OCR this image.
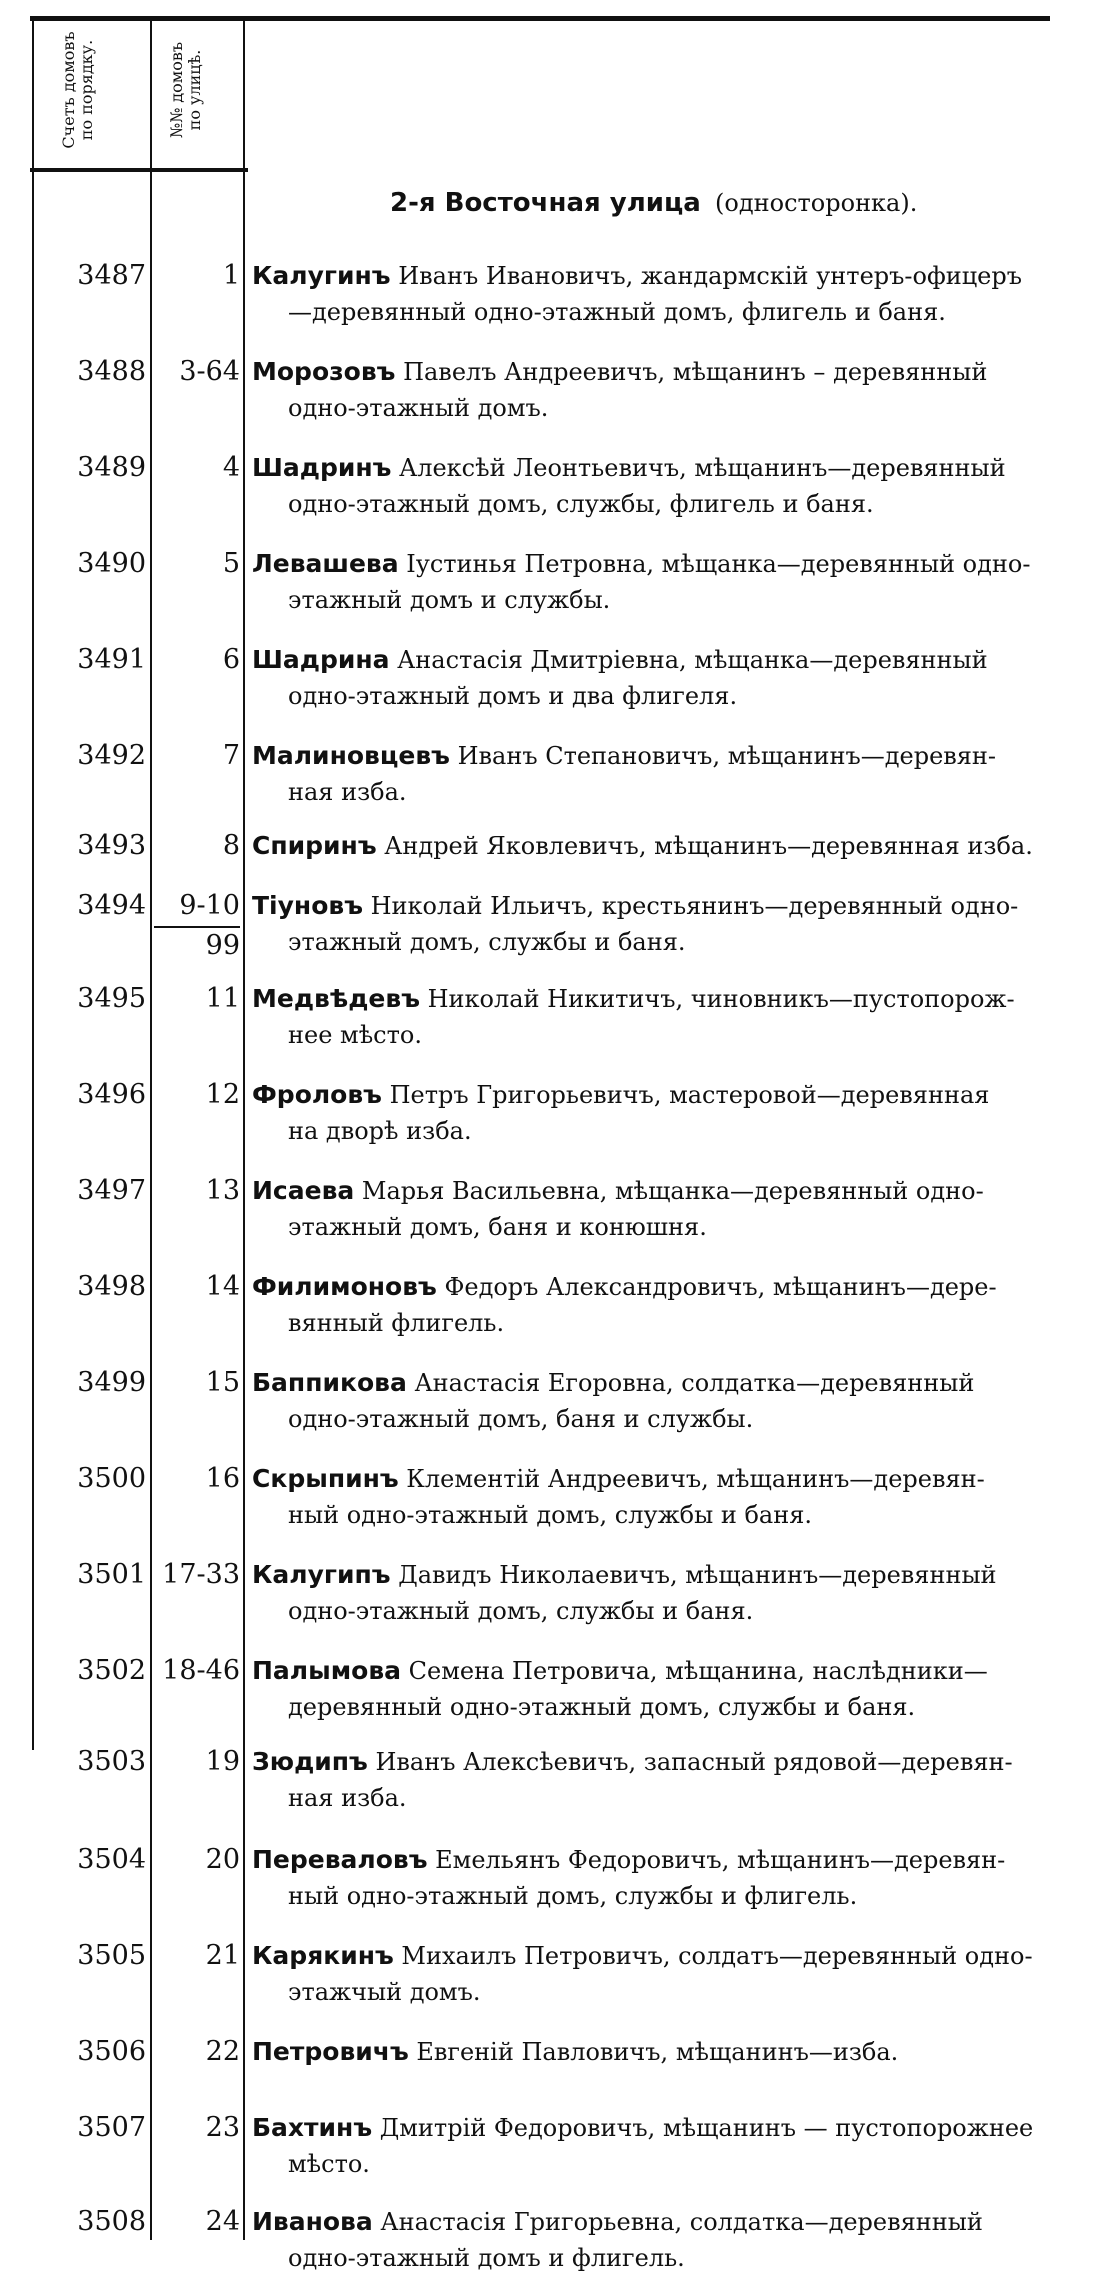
Счетъ домовъ по порядку.	№№ домовъ по улицѣ.
2-я Восточная улица (односторонка).
3487	1 Калугинъ Иванъ Ивановичъ, жандармскій унтеръ-офицеръ
—деревянный одно-этажный домъ, флигель и баня.
3488	3-64 Морозовъ Павелъ Андреевичъ, мѣщанинъ – деревянный
одно-этажный домъ.
3489	4 Шадринъ Алексѣй Леонтьевичъ, мѣщанинъ—деревянный
одно-этажный домъ, службы, флигель и баня.
3490	5 Левашева Іустинья Петровна, мѣщанка—деревянный одно-
этажный домъ и службы.
3491	6 Шадрина Анастасія Дмитріевна, мѣщанка—деревянный
одно-этажный домъ и два флигеля.
3492	7 Малиновцевъ Иванъ Степановичъ, мѣщанинъ—деревян-
ная изба.
3493	8 Спиринъ Андрей Яковлевичъ, мѣщанинъ—деревянная изба.
$3494 \frac{9-10}{99}$ Тіуновъ Николай Ильичъ, крестьянинъ—деревянный одно-
этажный домъ, службы и баня.
3495	11 Медвѣдевъ Николай Никитичъ, чиновникъ—пустопорож-
нее мѣсто.
3496	12 Фроловъ Петръ Григорьевичъ, мастеровой—деревянная
на дворѣ изба.
3497	13 Исаева Марья Васильевна, мѣщанка—деревянный одно-
этажный домъ, баня и конюшня.
3498	14 Филимоновъ Федоръ Александровичъ, мѣщанинъ—дере-
вянный флигель.
3499	15 Баппикова Анастасія Егоровна, солдатка—деревянный
одно-этажный домъ, баня и службы.
3500	16 Скрыпинъ Клементій Андреевичъ, мѣщанинъ—деревян-
ный одно-этажный домъ, службы и баня.
3501 17-33 Калугипъ Давидъ Николаевичъ, мѣщанинъ—деревянный
одно-этажный домъ, службы и баня.
3502 18-46 Палымова Семена Петровича, мѣщанина, наслѣдники—
деревянный одно-этажный домъ, службы и баня.
3503	19 Зюдипъ Иванъ Алексѣевичъ, запасный рядовой—деревян-
ная изба.
3504	20 Переваловъ Емельянъ Федоровичъ, мѣщанинъ—деревян-
ный одно-этажный домъ, службы и флигель.
3505	21 Карякинъ Михаилъ Петровичъ, солдатъ—деревянный одно-
этажчый домъ.
3506	22 Петровичъ Евгеній Павловичъ, мѣщанинъ—изба.
3507	23 Бахтинъ Дмитрій Федоровичъ, мѣщанинъ — пустопорожнее
мѣсто.
3508	24 Иванова Анастасія Григорьевна, солдатка—деревянный
одно-этажный домъ и флигель.
